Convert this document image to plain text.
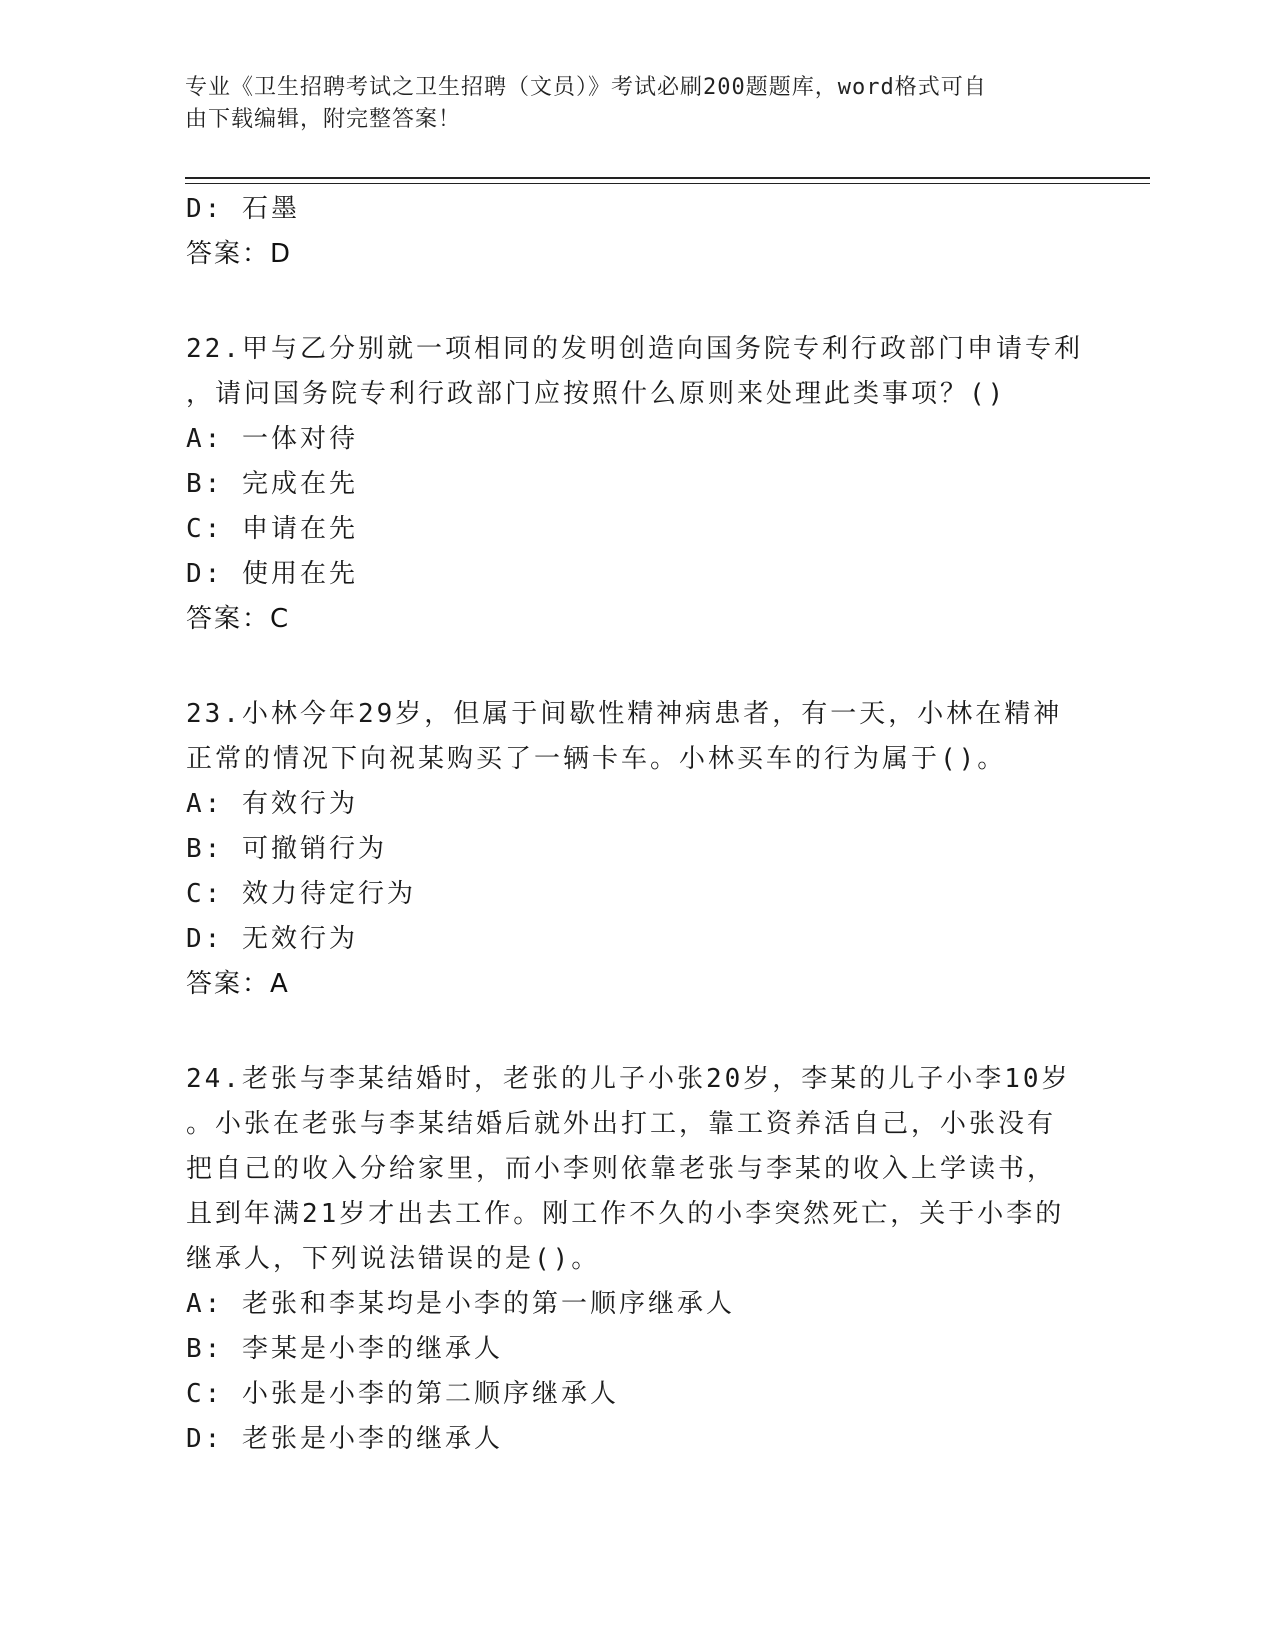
专业《卫生招聘考试之卫生招聘（文员）》考试必刷200题题库，word格式可自
由下载编辑，附完整答案！
D: 石墨
答案：D
22.甲与乙分别就一项相同的发明创造向国务院专利行政部门申请专利
，请问国务院专利行政部门应按照什么原则来处理此类事项？()
A: 一体对待
B: 完成在先
C: 申请在先
D: 使用在先
答案：C
23.小林今年29岁，但属于间歇性精神病患者，有一天，小林在精神
正常的情况下向祝某购买了一辆卡车。小林买车的行为属于()。
A: 有效行为
B: 可撤销行为
C: 效力待定行为
D: 无效行为
答案：A
24.老张与李某结婚时，老张的儿子小张20岁，李某的儿子小李10岁
。小张在老张与李某结婚后就外出打工，靠工资养活自己，小张没有
把自己的收入分给家里，而小李则依靠老张与李某的收入上学读书，
且到年满21岁才出去工作。刚工作不久的小李突然死亡，关于小李的
继承人，下列说法错误的是()。
A: 老张和李某均是小李的第一顺序继承人
B: 李某是小李的继承人
C: 小张是小李的第二顺序继承人
D: 老张是小李的继承人
